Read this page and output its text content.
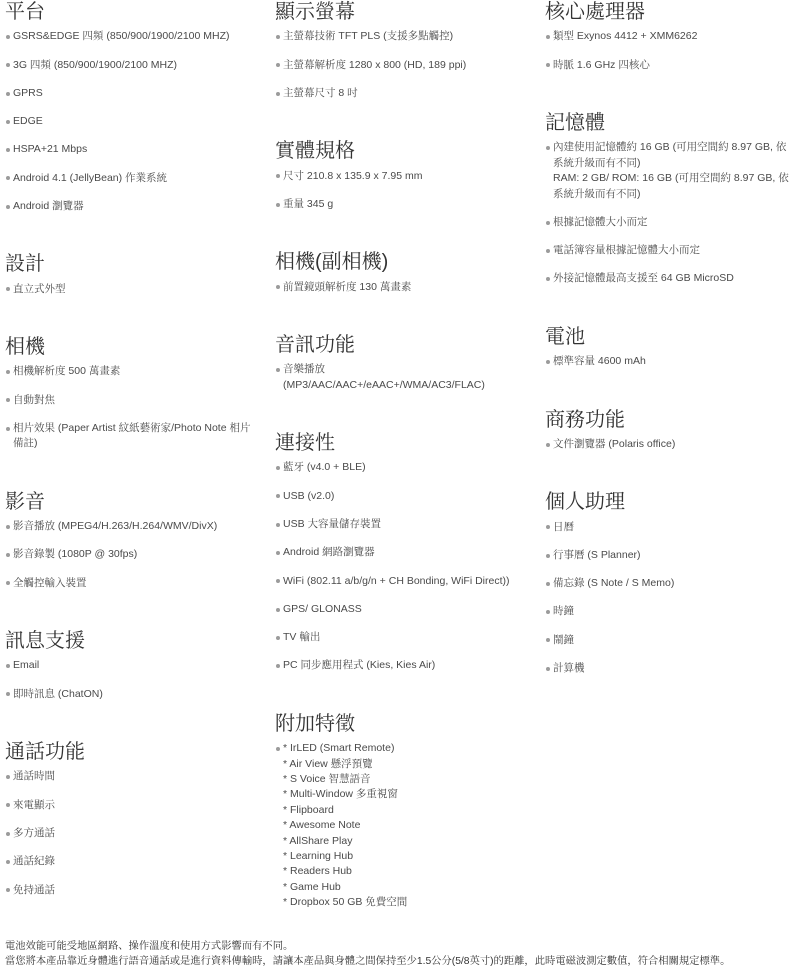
平台
GSRS&EDGE 四頻 (850/900/1900/2100 MHZ)
3G 四頻 (850/900/1900/2100 MHZ)
GPRS
EDGE
HSPA+21 Mbps
Android 4.1 (JellyBean) 作業系統
Android 瀏覽器
設計
直立式外型
相機
相機解析度 500 萬畫素
自動對焦
相片效果 (Paper Artist 紋紙藝術家/Photo Note 相片
備註)
影音
影音播放 (MPEG4/H.263/H.264/WMV/DivX)
影音錄製 (1080P @ 30fps)
全觸控輸入裝置
訊息支援
Email
即時訊息 (ChatON)
通話功能
通話時間
來電顯示
多方通話
通話紀錄
免持通話
顯示螢幕
主螢幕技術 TFT PLS (支援多點觸控)
主螢幕解析度 1280 x 800 (HD, 189 ppi)
主螢幕尺寸 8 吋
實體規格
尺寸 210.8 x 135.9 x 7.95 mm
重量 345 g
相機(副相機)
前置鏡頭解析度 130 萬畫素
音訊功能
音樂播放
(MP3/AAC/AAC+/eAAC+/WMA/AC3/FLAC)
連接性
藍牙 (v4.0 + BLE)
USB (v2.0)
USB 大容量儲存裝置
Android 網路瀏覽器
WiFi (802.11 a/b/g/n + CH Bonding, WiFi Direct))
GPS/ GLONASS
TV 輸出
PC 同步應用程式 (Kies, Kies Air)
附加特徵
* IrLED (Smart Remote)
* Air View 懸浮預覽
* S Voice 智慧語音
* Multi-Window 多重視窗
* Flipboard
* Awesome Note
* AllShare Play
* Learning Hub
* Readers Hub
* Game Hub
* Dropbox 50 GB 免費空間
核心處理器
類型 Exynos 4412 + XMM6262
時脈 1.6 GHz 四核心
記憶體
內建使用記憶體約 16 GB (可用空間約 8.97 GB, 依系統升級而有不同)
RAM: 2 GB/ ROM: 16 GB (可用空間約 8.97 GB, 依系統升級而有不同)
根據記憶體大小而定
電話簿容量根據記憶體大小而定
外接記憶體最高支援至 64 GB MicroSD
電池
標準容量 4600 mAh
商務功能
文件瀏覽器 (Polaris office)
個人助理
日曆
行事曆 (S Planner)
備忘錄 (S Note / S Memo)
時鐘
鬧鐘
計算機
電池效能可能受地區網路、操作溫度和使用方式影響而有不同。
當您將本產品靠近身體進行語音通話或是進行資料傳輸時，請讓本產品與身體之間保持至少1.5公分(5/8英寸)的距離，此時電磁波測定數值，符合相關規定標準。
